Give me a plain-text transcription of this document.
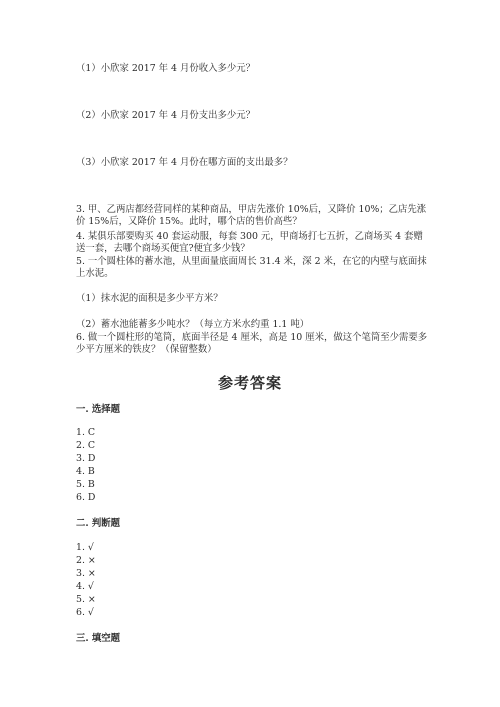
（1）小欣家 2017 年 4 月份收入多少元？
（2）小欣家 2017 年 4 月份支出多少元？
（3）小欣家 2017 年 4 月份在哪方面的支出最多？
3. 甲、乙两店都经营同样的某种商品，甲店先涨价 10%后，又降价 10%；乙店先涨价 15%后，又降价 15%。此时，哪个店的售价高些？
4. 某俱乐部要购买 40 套运动服，每套 300 元，甲商场打七五折，乙商场买 4 套赠送一套，去哪个商场买便宜?便宜多少钱？
5. 一个圆柱体的蓄水池，从里面量底面周长 31.4 米，深 2 米，在它的内壁与底面抹上水泥。
（1）抹水泥的面积是多少平方米？
（2）蓄水池能蓄多少吨水？（每立方米水约重 1.1 吨）
6. 做一个圆柱形的笔筒，底面半径是 4 厘米，高是 10 厘米，做这个笔筒至少需要多少平方厘米的铁皮？（保留整数）
参考答案
一. 选择题
1. C
2. C
3. D
4. B
5. B
6. D
二. 判断题
1. √
2. ×
3. ×
4. √
5. ×
6. √
三. 填空题
